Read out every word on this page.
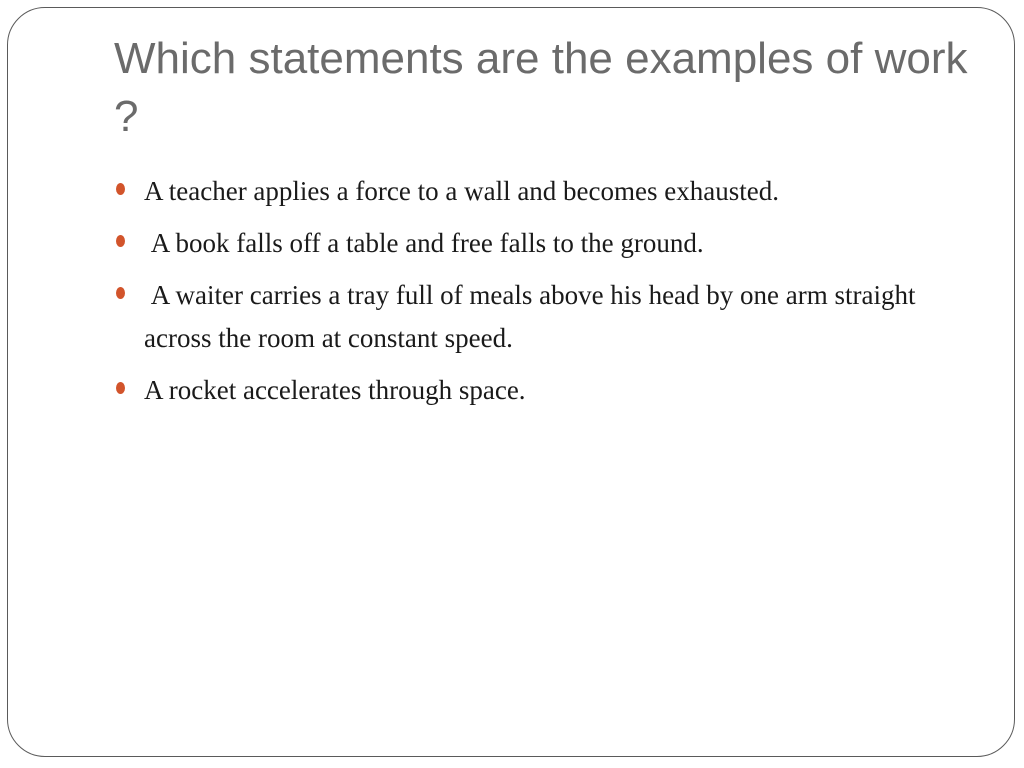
Which statements are the examples of work ?
A teacher applies a force to a wall and becomes exhausted.
A book falls off a table and free falls to the ground.
A waiter carries a tray full of meals above his head by one arm straight across the room at constant speed.
A rocket accelerates through space.
